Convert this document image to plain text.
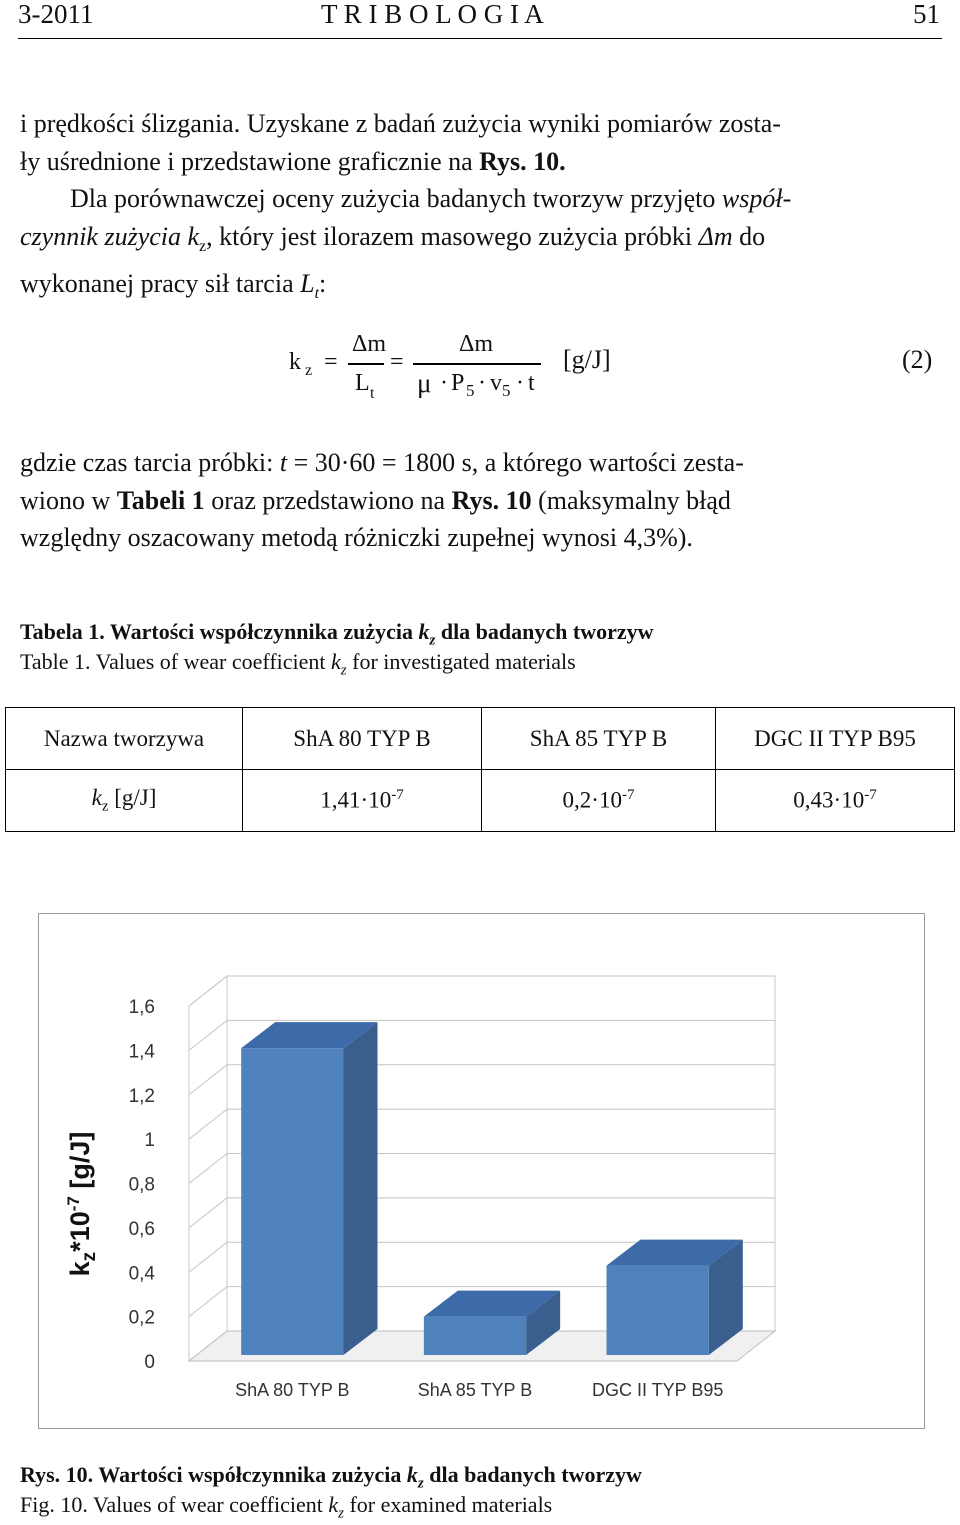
3-2011	T R I B O L O G I A	51
i prędkości ślizgania. Uzyskane z badań zużycia wyniki pomiarów zosta-
ły uśrednione i przedstawione graficznie na Rys. 10.
Dla porównawczej oceny zużycia badanych tworzyw przyjęto współ-
czynnik zużycia $k_z$, który jest ilorazem masowego zużycia próbki Δm do
wykonanej pracy sił tarcia $L_t$:
k z =
Δm
L t
=
Δm
μ · P 5 · v 5 · t
[g/J]	(2)
gdzie czas tarcia próbki: t = 30·60 = 1800 s, a którego wartości zesta-
wiono w Tabeli 1 oraz przedstawiono na Rys. 10 (maksymalny błąd
względny oszacowany metodą różniczki zupełnej wynosi 4,3%).
Tabela 1. Wartości współczynnika zużycia $k_z$ dla badanych tworzyw
Table 1. Values of wear coefficient $k_z$ for investigated materials
Nazwa tworzywa	ShA 80 TYP B	ShA 85 TYP B	DGC II TYP B95
$k_z$ [g/J]	$1,41\cdot 10^{-7}$	$0,2\cdot 10^{-7}$	$0,43\cdot 10^{-7}$
0
0,2
0,4
0,6
0,8
1
1,2
1,4
1,6
ShA 80 TYP B	ShA 85 TYP B	DGC II TYP B95
$k_z*10^{-7}$ [g/J]
Rys. 10. Wartości współczynnika zużycia $k_z$ dla badanych tworzyw
Fig. 10. Values of wear coefficient $k_z$ for examined materials
